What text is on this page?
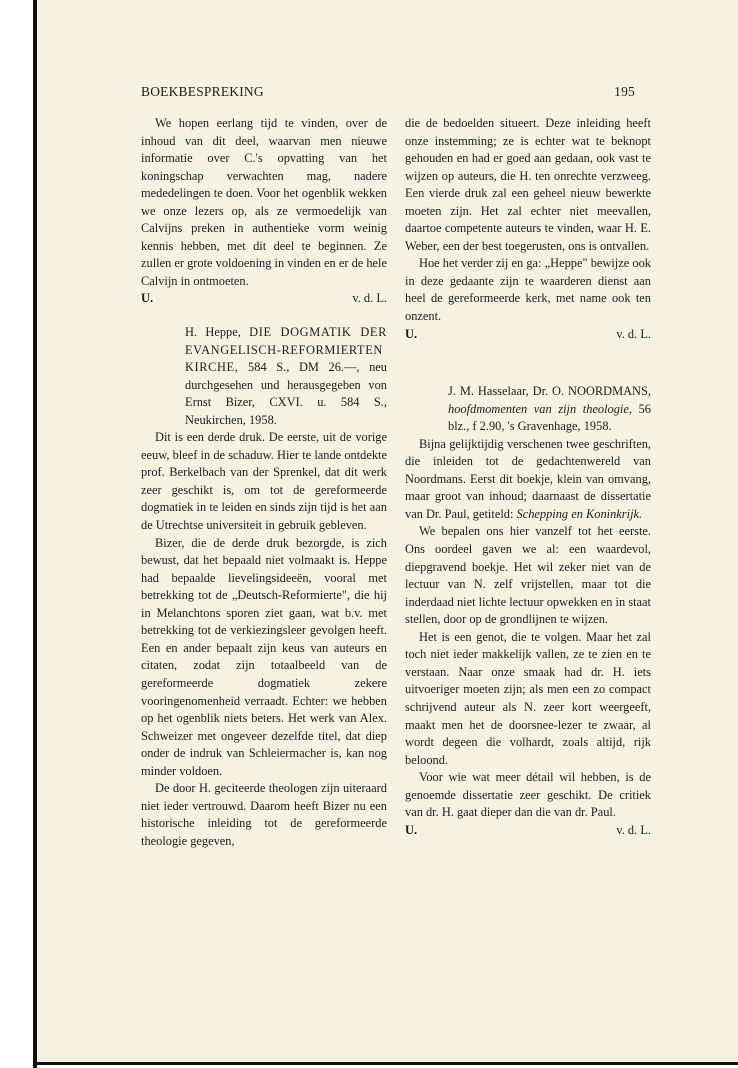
BOEKBESPREKING	195

We hopen eerlang tijd te vinden, over de inhoud van dit deel, waarvan men nieuwe informatie over C.'s opvatting van het koningschap verwachten mag, nadere mededelingen te doen. Voor het ogenblik wekken we onze lezers op, als ze vermoedelijk van Calvijns preken in authentieke vorm weinig kennis hebben, met dit deel te beginnen. Ze zullen er grote voldoening in vinden en er de hele Calvijn in ontmoeten.

U.	v. d. L.
H. Heppe, DIE DOGMATIK DER EVANGELISCH-REFORMIERTEN KIRCHE, 584 S., DM 26.—, neu durchgesehen und herausgegeben von Ernst Bizer, CXVI. u. 584 S., Neukirchen, 1958.

Dit is een derde druk. De eerste, uit de vorige eeuw, bleef in de schaduw. Hier te lande ontdekte prof. Berkelbach van der Sprenkel, dat dit werk zeer geschikt is, om tot de gereformeerde dogmatiek in te leiden en sinds zijn tijd is het aan de Utrechtse universiteit in gebruik gebleven.

Bizer, die de derde druk bezorgde, is zich bewust, dat het bepaald niet volmaakt is. Heppe had bepaalde lievelingsideeën, vooral met betrekking tot de „Deutsch-Reformierte", die hij in Melanchtons sporen ziet gaan, wat b.v. met betrekking tot de verkiezingsleer gevolgen heeft. Een en ander bepaalt zijn keus van auteurs en citaten, zodat zijn totaalbeeld van de gereformeerde dogmatiek zekere vooringenomenheid verraadt. Echter: we hebben op het ogenblik niets beters. Het werk van Alex. Schweizer met ongeveer dezelfde titel, dat diep onder de indruk van Schleiermacher is, kan nog minder voldoen.

De door H. geciteerde theologen zijn uiteraard niet ieder vertrouwd. Daarom heeft Bizer nu een historische inleiding tot de gereformeerde theologie gegeven,

die de bedoelden situeert. Deze inleiding heeft onze instemming; ze is echter wat te beknopt gehouden en had er goed aan gedaan, ook vast te wijzen op auteurs, die H. ten onrechte verzweeg. Een vierde druk zal een geheel nieuw bewerkte moeten zijn. Het zal echter niet meevallen, daartoe competente auteurs te vinden, waar H. E. Weber, een der best toegerusten, ons is ontvallen.

Hoe het verder zij en ga: „Heppe" bewijze ook in deze gedaante zijn te waarderen dienst aan heel de gereformeerde kerk, met name ook ten onzent.

U.	v. d. L.
J. M. Hasselaar, Dr. O. NOORDMANS, hoofdmomenten van zijn theologie, 56 blz., f 2.90, 's Gravenhage, 1958.

Bijna gelijktijdig verschenen twee geschriften, die inleiden tot de gedachtenwereld van Noordmans. Eerst dit boekje, klein van omvang, maar groot van inhoud; daarnaast de dissertatie van Dr. Paul, getiteld: Schepping en Koninkrijk.

We bepalen ons hier vanzelf tot het eerste. Ons oordeel gaven we al: een waardevol, diepgravend boekje. Het wil zeker niet van de lectuur van N. zelf vrijstellen, maar tot die inderdaad niet lichte lectuur opwekken en in staat stellen, door op de grondlijnen te wijzen.

Het is een genot, die te volgen. Maar het zal toch niet ieder makkelijk vallen, ze te zien en te verstaan. Naar onze smaak had dr. H. iets uitvoeriger moeten zijn; als men een zo compact schrijvend auteur als N. zeer kort weergeeft, maakt men het de doorsnee-lezer te zwaar, al wordt degeen die volhardt, zoals altijd, rijk beloond.

Voor wie wat meer détail wil hebben, is de genoemde dissertatie zeer geschikt. De critiek van dr. H. gaat dieper dan die van dr. Paul.

U.	v. d. L.
